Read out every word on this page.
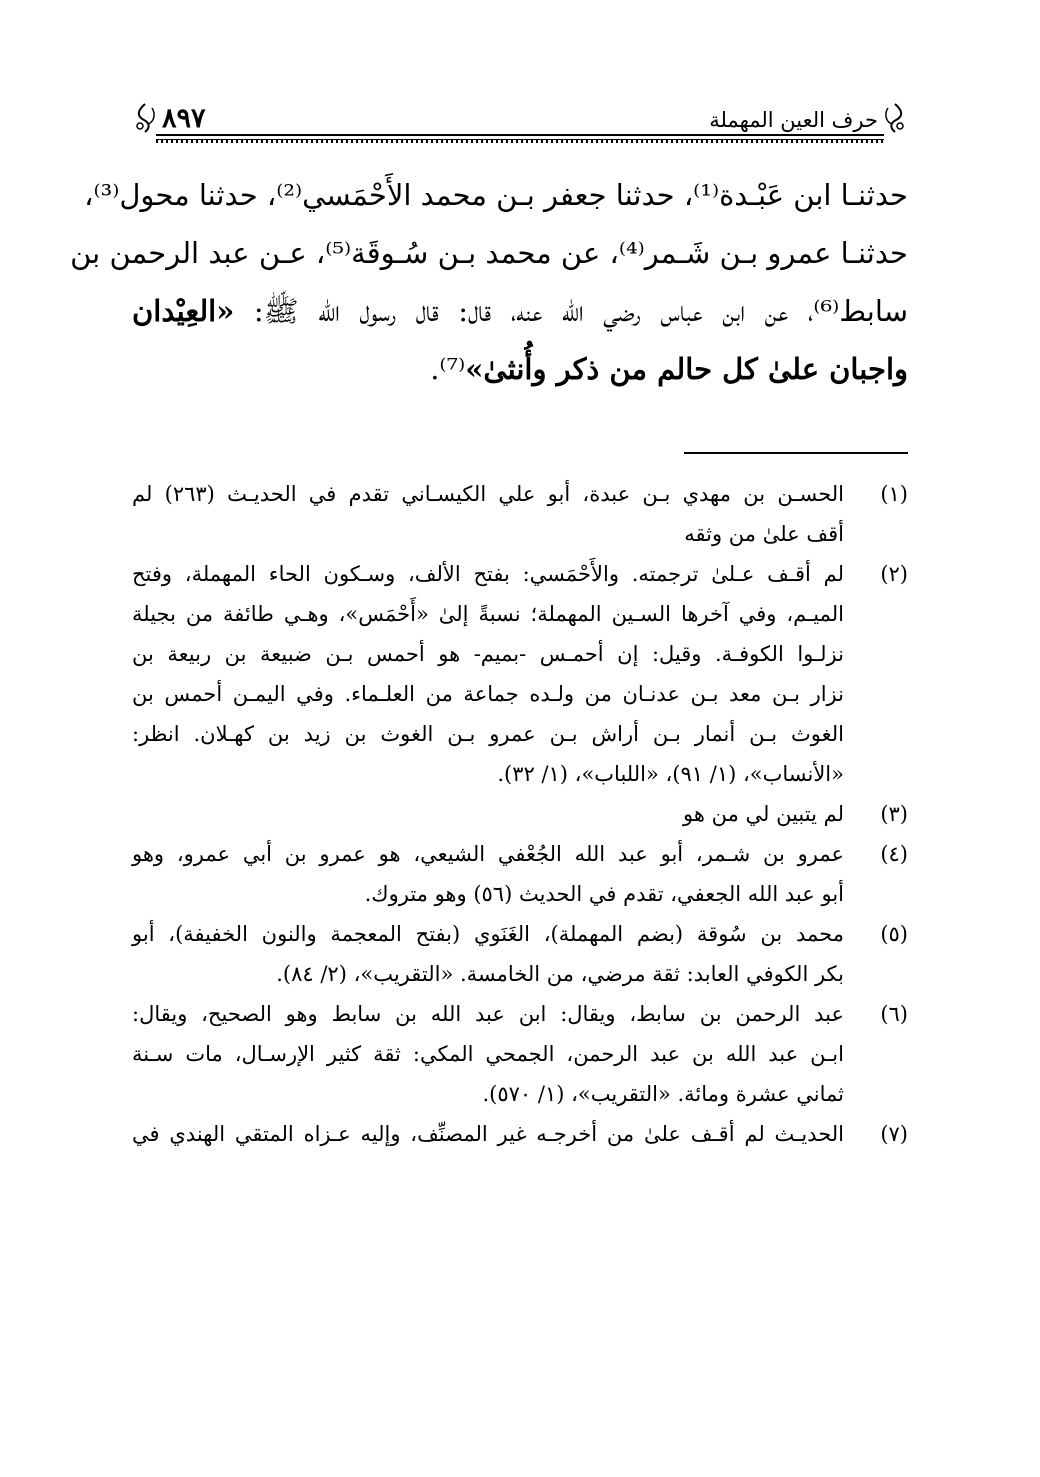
حرف العين المهملة
٨٩٧
حدثنـا ابن عَبْـدة⁽¹⁾، حدثنا جعفر بـن محمد الأَحْمَسي⁽²⁾، حدثنا محول⁽³⁾،
حدثنـا عمرو بـن شَـمر⁽⁴⁾، عن محمد بـن سُـوقَة⁽⁵⁾، عـن عبد الرحمن بن
سابط⁽⁶⁾، عن ابن عباس رضي الله عنه، قال: قال رسول الله ﷺ: «العِيْدان
واجبان علىٰ كل حالم من ذكر وأُنثىٰ»⁽⁷⁾.
(١)
الحسـن بن مهدي بـن عبدة، أبو علي الكيسـاني تقدم في الحديـث (٢٦٣) لم
أقف علىٰ من وثقه
(٢)
لم أقـف عـلىٰ ترجمته. والأَحْمَسي: بفتح الألف، وسـكون الحاء المهملة، وفتح
الميـم، وفي آخرها السـين المهملة؛ نسبةً إلىٰ «أَحْمَس»، وهـي طائفة من بجيلة
نزلـوا الكوفـة. وقيل: إن أحمـس -بميم- هو أحمس بـن ضبيعة بن ربيعة بن
نزار بـن معد بـن عدنـان من ولـده جماعة من العلـماء. وفي اليمـن أحمس بن
الغوث بـن أنمار بـن أراش بـن عمرو بـن الغوث بن زيد بن كهـلان. انظر:
«الأنساب»، (١/ ٩١)، «اللباب»، (١/ ٣٢).
(٣)
لم يتبين لي من هو
(٤)
عمرو بن شـمر، أبو عبد الله الجُعْفي الشيعي، هو عمرو بن أبي عمرو، وهو
أبو عبد الله الجعفي، تقدم في الحديث (٥٦) وهو متروك.
(٥)
محمد بن سُوقة (بضم المهملة)، الغَنَوي (بفتح المعجمة والنون الخفيفة)، أبو
بكر الكوفي العابد: ثقة مرضي، من الخامسة. «التقريب»، (٢/ ٨٤).
(٦)
عبد الرحمن بن سابط، ويقال: ابن عبد الله بن سابط وهو الصحيح، ويقال:
ابـن عبد الله بن عبد الرحمن، الجمحي المكي: ثقة كثير الإرسـال، مات سـنة
ثماني عشرة ومائة. «التقريب»، (١/ ٥٧٠).
(٧)
الحديـث لم أقـف علىٰ من أخرجـه غير المصنِّف، وإليه عـزاه المتقي الهندي في
